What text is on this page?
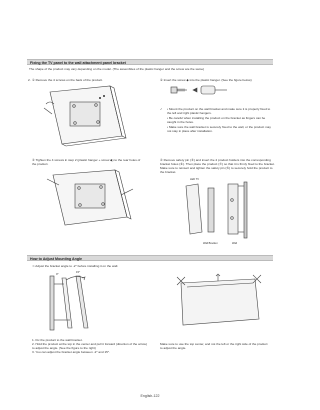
Fixing the TV panel to the wall attachment panel bracket
The shape of the product may vary depending on the model. (The assemblies of the plastic hanger and the screw are the same)
2. ① Remove the 4 screws on the back of the product.	② Insert the screw ◆ into the plastic hanger. (See the figure below)
✓ • Mount the product on the wall bracket and make sure it is properly fixed to the left and right plastic hangers.
• Be careful when installing the product on the bracket as fingers can be caught in the holes.
• Make sure the wall bracket is securely fixed to the wall, or the product may not stay in place after installation.
③ Tighten the 4 screws in step 2 (plastic hanger + screw ◆) to the rear holes of the product.
④ Remove safety pin (⑤) and insert the 4 product holders into the corresponding bracket holes (⑥). Then place the product (⑦) so that it is firmly fixed to the bracket. Make sure to reinsert and tighten the safety pin (⑤) to securely hold the product to the bracket.
LED TV
Wall Bracket	Wall
How to Adjust Mounting Angle
⇒ Adjust the bracket angle to -2° before installing it on the wall.
0°	15°
1. Fix the product to the wall bracket.
2. Hold the product at the top in the center and pull it forward (direction of the arrow) to adjust the angle. (See the figure to the right)
3. You can adjust the bracket angle between -2° and 15°.
Make sure to use the top center, and not the left or the right side of the product to adjust the angle.
English-122
